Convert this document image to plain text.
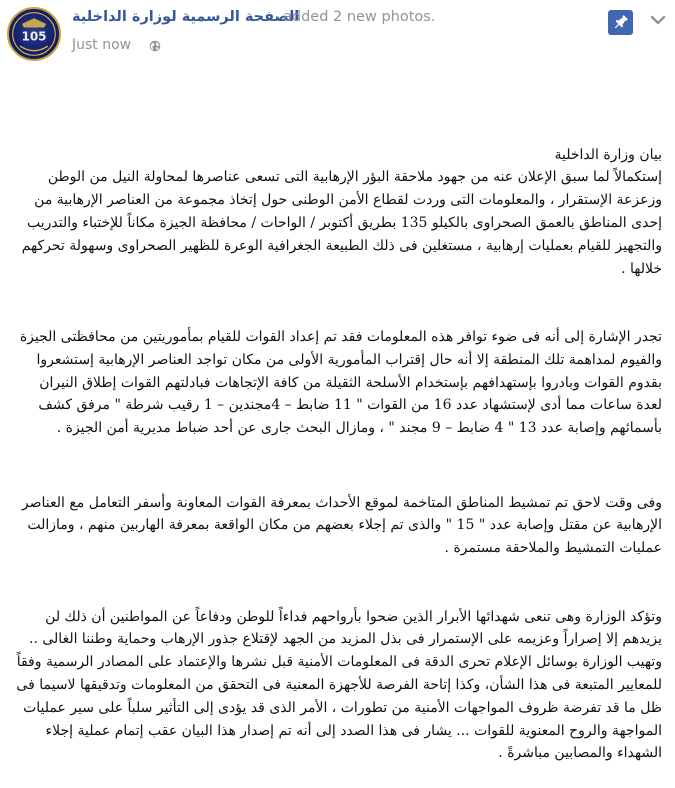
105
الصفحة الرسمية لوزارة الداخلية
added 2 new photos.
Just now

بيان وزارة الداخلية
إستكمالاً لما سبق الإعلان عنه من جهود ملاحقة البؤر الإرهابية التى تسعى عناصرها لمحاولة النيل من الوطن وزعزعة الإستقرار ، والمعلومات التى وردت لقطاع الأمن الوطنى حول إتخاذ مجموعة من العناصر الإرهابية من إحدى المناطق بالعمق الصحراوى بالكيلو 135 بطريق أكتوبر / الواحات / محافظة الجيزة مكاناً للإختباء والتدريب والتجهيز للقيام بعمليات إرهابية ، مستغلين فى ذلك الطبيعة الجغرافية الوعرة للظهير الصحراوى وسهولة تحركهم خلالها .

تجدر الإشارة إلى أنه فى ضوء توافر هذه المعلومات فقد تم إعداد القوات للقيام بمأموريتين من محافظتى الجيزة والفيوم لمداهمة تلك المنطقة إلا أنه حال إقتراب المأمورية الأولى من مكان تواجد العناصر الإرهابية إستشعروا بقدوم القوات وبادروا بإستهدافهم بإستخدام الأسلحة الثقيلة من كافة الإتجاهات فبادلتهم القوات إطلاق النيران لعدة ساعات مما أدى لإستشهاد عدد 16 من القوات " 11 ضابط – 4مجندين – 1 رقيب شرطة " مرفق كشف بأسمائهم وإصابة عدد 13 " 4 ضابط – 9 مجند " ، ومازال البحث جارى عن أحد ضباط مديرية أمن الجيزة .

وفى وقت لاحق تم تمشيط المناطق المتاخمة لموقع الأحداث بمعرفة القوات المعاونة وأسفر التعامل مع العناصر الإرهابية عن مقتل وإصابة عدد " 15 " والذى تم إجلاء بعضهم من مكان الواقعة بمعرفة الهاربين منهم ، ومازالت عمليات التمشيط والملاحقة مستمرة .

وتؤكد الوزارة وهى تنعى شهدائها الأبرار الذين ضحوا بأرواحهم فداءاً للوطن ودفاعاً عن المواطنين أن ذلك لن يزيدهم إلا إصراراً وعزيمه على الإستمرار فى بذل المزيد من الجهد لإقتلاع جذور الإرهاب وحماية وطننا الغالى .. وتهيب الوزارة بوسائل الإعلام تحرى الدقة فى المعلومات الأمنية قبل نشرها والإعتماد على المصادر الرسمية وفقاً للمعايير المتبعة فى هذا الشأن، وكذا إتاحة الفرصة للأجهزة المعنية فى التحقق من المعلومات وتدقيقها لاسيما فى ظل ما قد تفرضة ظروف المواجهات الأمنية من تطورات ، الأمر الذى قد يؤدى إلى التأثير سلباً على سير عمليات المواجهة والروح المعنوية للقوات ... يشار فى هذا الصدد إلى أنه تم إصدار هذا البيان عقب إتمام عملية إجلاء الشهداء والمصابين مباشرةً .
